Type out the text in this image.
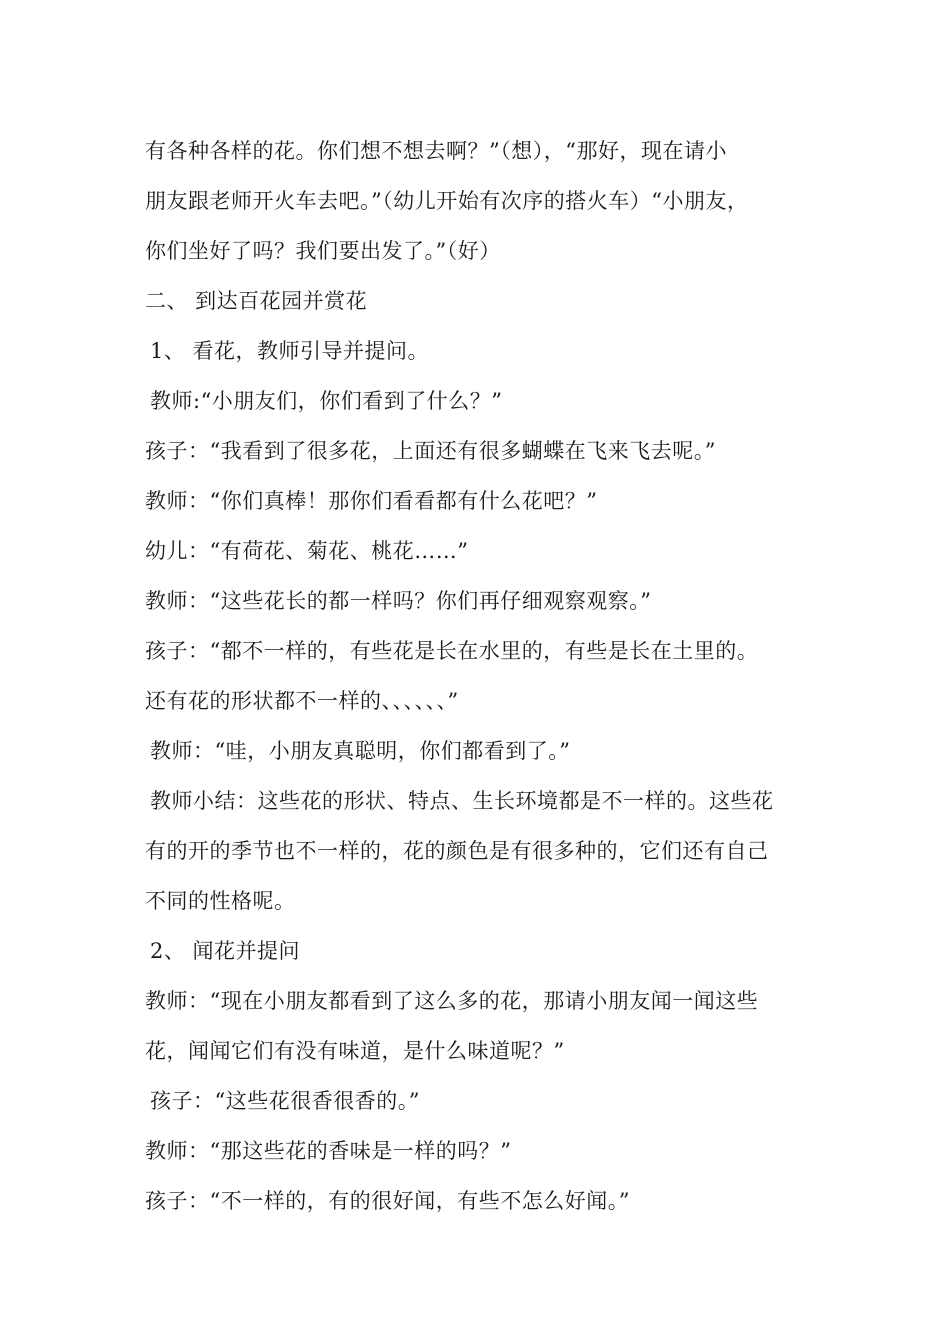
有各种各样的花。你们想不想去啊？”（想），“那好，现在请小
朋友跟老师开火车去吧。”（幼儿开始有次序的搭火车）“小朋友，
你们坐好了吗？我们要出发了。”（好）
二、 到达百花园并赏花
1、 看花，教师引导并提问。
教师:“小朋友们，你们看到了什么？”
孩子：“我看到了很多花，上面还有很多蝴蝶在飞来飞去呢。”
教师：“你们真棒！那你们看看都有什么花吧？”
幼儿：“有荷花、菊花、桃花……”
教师：“这些花长的都一样吗？你们再仔细观察观察。”
孩子：“都不一样的，有些花是长在水里的，有些是长在土里的。
还有花的形状都不一样的、、、、、、”
教师：“哇，小朋友真聪明，你们都看到了。”
教师小结：这些花的形状、特点、生长环境都是不一样的。这些花
有的开的季节也不一样的，花的颜色是有很多种的，它们还有自己
不同的性格呢。
2、 闻花并提问
教师：“现在小朋友都看到了这么多的花，那请小朋友闻一闻这些
花，闻闻它们有没有味道，是什么味道呢？”
孩子：“这些花很香很香的。”
教师：“那这些花的香味是一样的吗？”
孩子：“不一样的，有的很好闻，有些不怎么好闻。”
